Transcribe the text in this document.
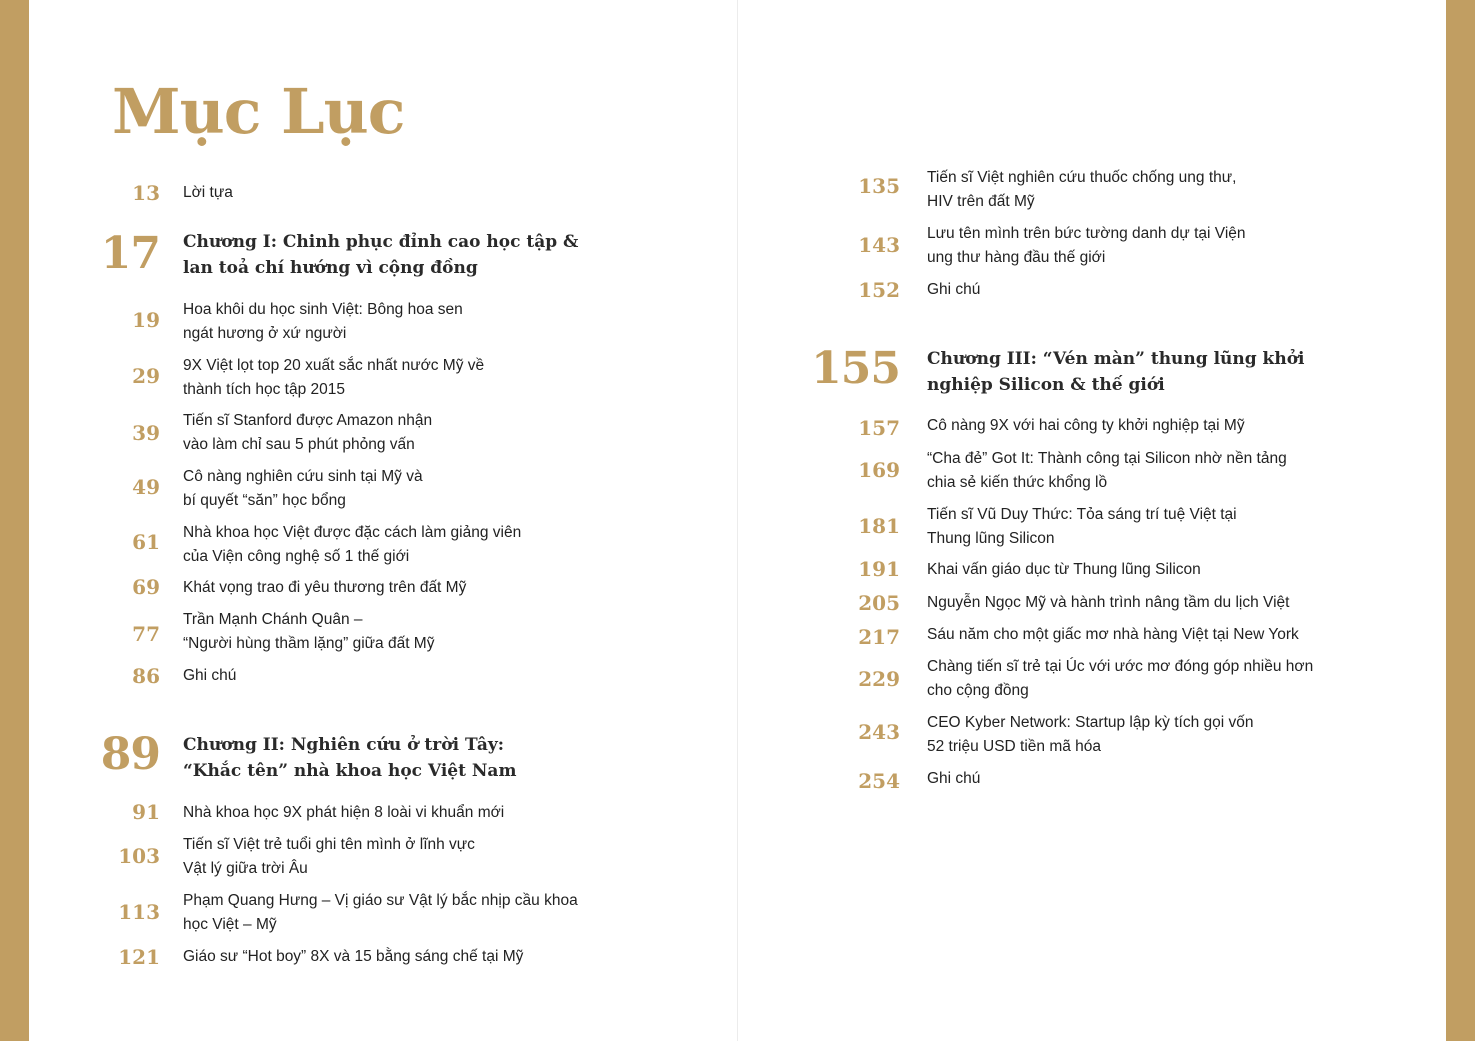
Mục Lục
13 Lời tựa
17 Chương I: Chinh phục đỉnh cao học tập &
lan toả chí hướng vì cộng đồng
19 Hoa khôi du học sinh Việt: Bông hoa sen
ngát hương ở xứ người
29 9X Việt lọt top 20 xuất sắc nhất nước Mỹ về
thành tích học tập 2015
39
Tiến sĩ Stanford được Amazon nhận
vào làm chỉ sau 5 phút phỏng vấn
49 Cô nàng nghiên cứu sinh tại Mỹ và
bí quyết “săn” học bổng
61 Nhà khoa học Việt được đặc cách làm giảng viên
của Viện công nghệ số 1 thế giới
69 Khát vọng trao đi yêu thương trên đất Mỹ
77
Trần Mạnh Chánh Quân –
“Người hùng thầm lặng” giữa đất Mỹ
86 Ghi chú
89 Chương II: Nghiên cứu ở trời Tây:
“Khắc tên” nhà khoa học Việt Nam
91 Nhà khoa học 9X phát hiện 8 loài vi khuẩn mới
103 Tiến sĩ Việt trẻ tuổi ghi tên mình ở lĩnh vực
Vật lý giữa trời Âu
113 Phạm Quang Hưng – Vị giáo sư Vật lý bắc nhịp cầu khoa
học Việt – Mỹ
121 Giáo sư “Hot boy” 8X và 15 bằng sáng chế tại Mỹ
135 Tiến sĩ Việt nghiên cứu thuốc chống ung thư,
HIV trên đất Mỹ
143 Lưu tên mình trên bức tường danh dự tại Viện
ung thư hàng đầu thế giới
152 Ghi chú
155 Chương III: “Vén màn” thung lũng khởi
nghiệp Silicon & thế giới
157 Cô nàng 9X với hai công ty khởi nghiệp tại Mỹ
169 “Cha đẻ” Got It: Thành công tại Silicon nhờ nền tảng
chia sẻ kiến thức khổng lồ
181 Tiến sĩ Vũ Duy Thức: Tỏa sáng trí tuệ Việt tại
Thung lũng Silicon
191 Khai vấn giáo dục từ Thung lũng Silicon
205 Nguyễn Ngọc Mỹ và hành trình nâng tầm du lịch Việt
217 Sáu năm cho một giấc mơ nhà hàng Việt tại New York
229
Chàng tiến sĩ trẻ tại Úc với ước mơ đóng góp nhiều hơn
cho cộng đồng
243 CEO Kyber Network: Startup lập kỳ tích gọi vốn
52 triệu USD tiền mã hóa
254 Ghi chú
